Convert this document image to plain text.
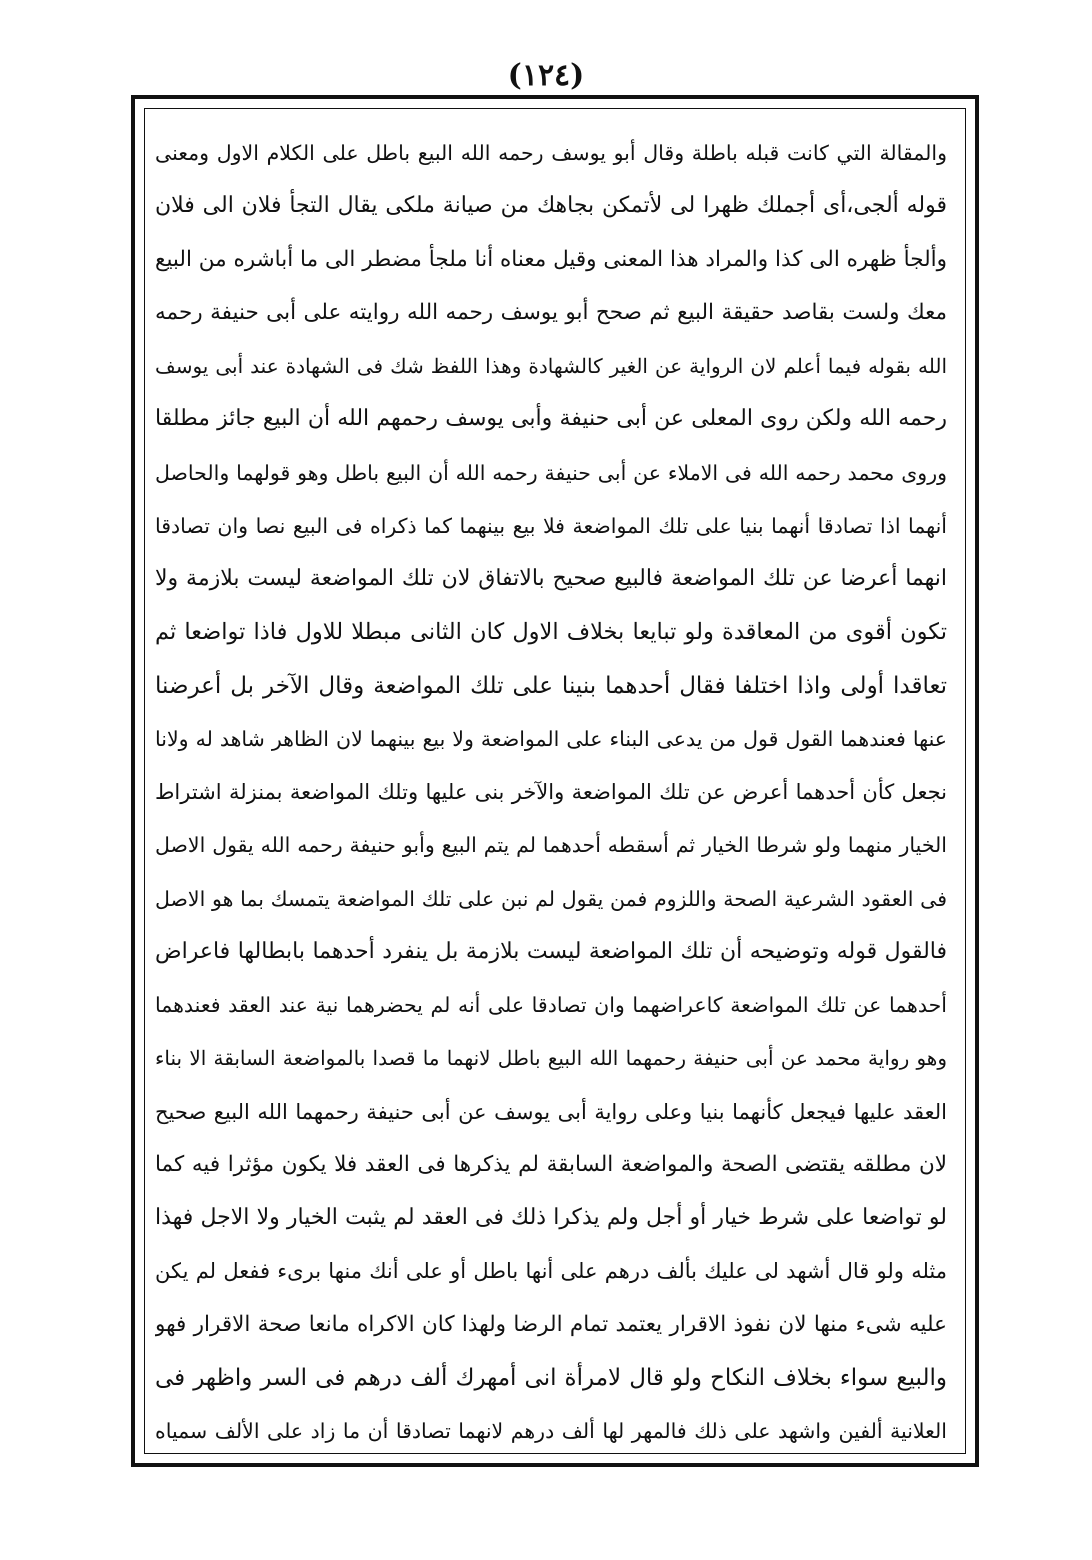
(١٢٤)
والمقالة التي كانت قبله باطلة وقال أبو يوسف رحمه الله البيع باطل على الكلام الاول ومعنى
قوله ألجى،أى أجملك ظهرا لى لأتمكن بجاهك من صيانة ملكى يقال التجأ فلان الى فلان
وألجأ ظهره الى كذا والمراد هذا المعنى وقيل معناه أنا ملجأ مضطر الى ما أباشره من البيع
معك ولست بقاصد حقيقة البيع ثم صحح أبو يوسف رحمه الله روايته على أبى حنيفة رحمه
الله بقوله فيما أعلم لان الرواية عن الغير كالشهادة وهذا اللفظ شك فى الشهادة عند أبى يوسف
رحمه الله ولكن روى المعلى عن أبى حنيفة وأبى يوسف رحمهم الله أن البيع جائز مطلقا
وروى محمد رحمه الله فى الاملاء عن أبى حنيفة رحمه الله أن البيع باطل وهو قولهما والحاصل
أنهما اذا تصادقا أنهما بنيا على تلك المواضعة فلا بيع بينهما كما ذكراه فى البيع نصا وان تصادقا
انهما أعرضا عن تلك المواضعة فالبيع صحيح بالاتفاق لان تلك المواضعة ليست بلازمة ولا
تكون أقوى من المعاقدة ولو تبايعا بخلاف الاول كان الثانى مبطلا للاول فاذا تواضعا ثم
تعاقدا أولى واذا اختلفا فقال أحدهما بنينا على تلك المواضعة وقال الآخر بل أعرضنا
عنها فعندهما القول قول من يدعى البناء على المواضعة ولا بيع بينهما لان الظاهر شاهد له ولانا
نجعل كأن أحدهما أعرض عن تلك المواضعة والآخر بنى عليها وتلك المواضعة بمنزلة اشتراط
الخيار منهما ولو شرطا الخيار ثم أسقطه أحدهما لم يتم البيع وأبو حنيفة رحمه الله يقول الاصل
فى العقود الشرعية الصحة واللزوم فمن يقول لم نبن على تلك المواضعة يتمسك بما هو الاصل
فالقول قوله وتوضيحه أن تلك المواضعة ليست بلازمة بل ينفرد أحدهما بابطالها فاعراض
أحدهما عن تلك المواضعة كاعراضهما وان تصادقا على أنه لم يحضرهما نية عند العقد فعندهما
وهو رواية محمد عن أبى حنيفة رحمهما الله البيع باطل لانهما ما قصدا بالمواضعة السابقة الا بناء
العقد عليها فيجعل كأنهما بنيا وعلى رواية أبى يوسف عن أبى حنيفة رحمهما الله البيع صحيح
لان مطلقه يقتضى الصحة والمواضعة السابقة لم يذكرها فى العقد فلا يكون مؤثرا فيه كما
لو تواضعا على شرط خيار أو أجل ولم يذكرا ذلك فى العقد لم يثبت الخيار ولا الاجل فهذا
مثله ولو قال أشهد لى عليك بألف درهم على أنها باطل أو على أنك منها برىء ففعل لم يكن
عليه شىء منها لان نفوذ الاقرار يعتمد تمام الرضا ولهذا كان الاكراه مانعا صحة الاقرار فهو
والبيع سواء بخلاف النكاح ولو قال لامرأة انى أمهرك ألف درهم فى السر واظهر فى
العلانية ألفين واشهد على ذلك فالمهر لها ألف درهم لانهما تصادقا أن ما زاد على الألف سمياه
